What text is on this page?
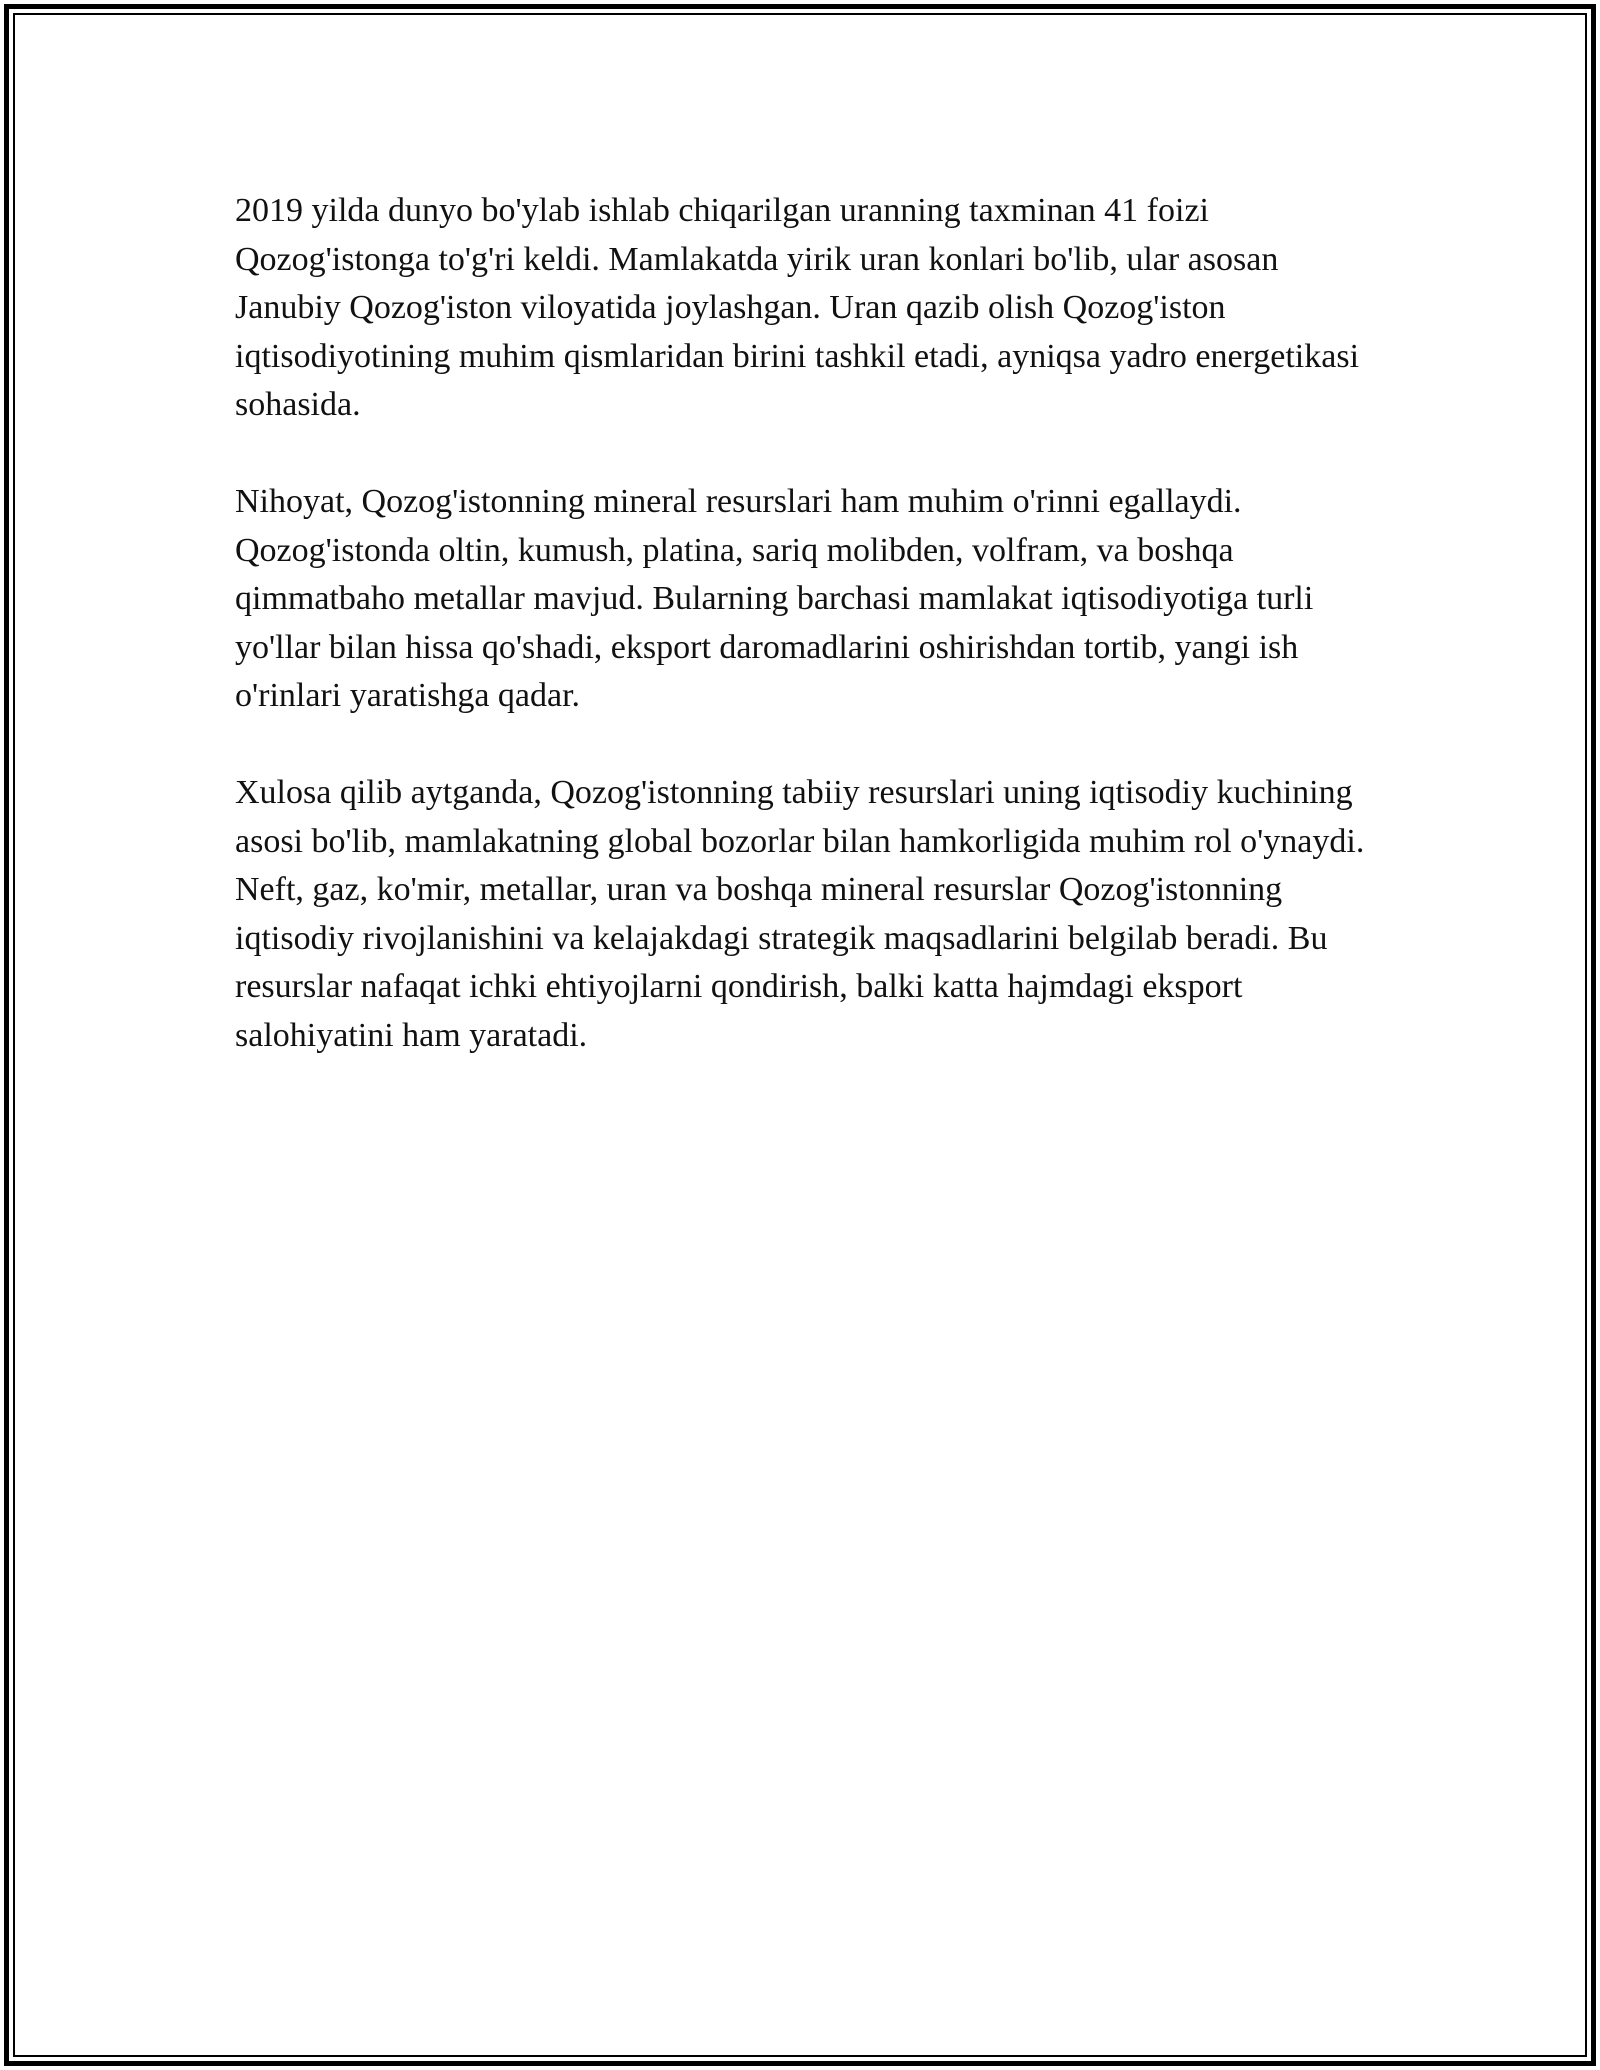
2019 yilda dunyo bo'ylab ishlab chiqarilgan uranning taxminan 41 foizi Qozog'istonga to'g'ri keldi. Mamlakatda yirik uran konlari bo'lib, ular asosan Janubiy Qozog'iston viloyatida joylashgan. Uran qazib olish Qozog'iston iqtisodiyotining muhim qismlaridan birini tashkil etadi, ayniqsa yadro energetikasi sohasida.

Nihoyat, Qozog'istonning mineral resurslari ham muhim o'rinni egallaydi. Qozog'istonda oltin, kumush, platina, sariq molibden, volfram, va boshqa qimmatbaho metallar mavjud. Bularning barchasi mamlakat iqtisodiyotiga turli yo'llar bilan hissa qo'shadi, eksport daromadlarini oshirishdan tortib, yangi ish o'rinlari yaratishga qadar.

Xulosa qilib aytganda, Qozog'istonning tabiiy resurslari uning iqtisodiy kuchining asosi bo'lib, mamlakatning global bozorlar bilan hamkorligida muhim rol o'ynaydi. Neft, gaz, ko'mir, metallar, uran va boshqa mineral resurslar Qozog'istonning iqtisodiy rivojlanishini va kelajakdagi strategik maqsadlarini belgilab beradi. Bu resurslar nafaqat ichki ehtiyojlarni qondirish, balki katta hajmdagi eksport salohiyatini ham yaratadi.
